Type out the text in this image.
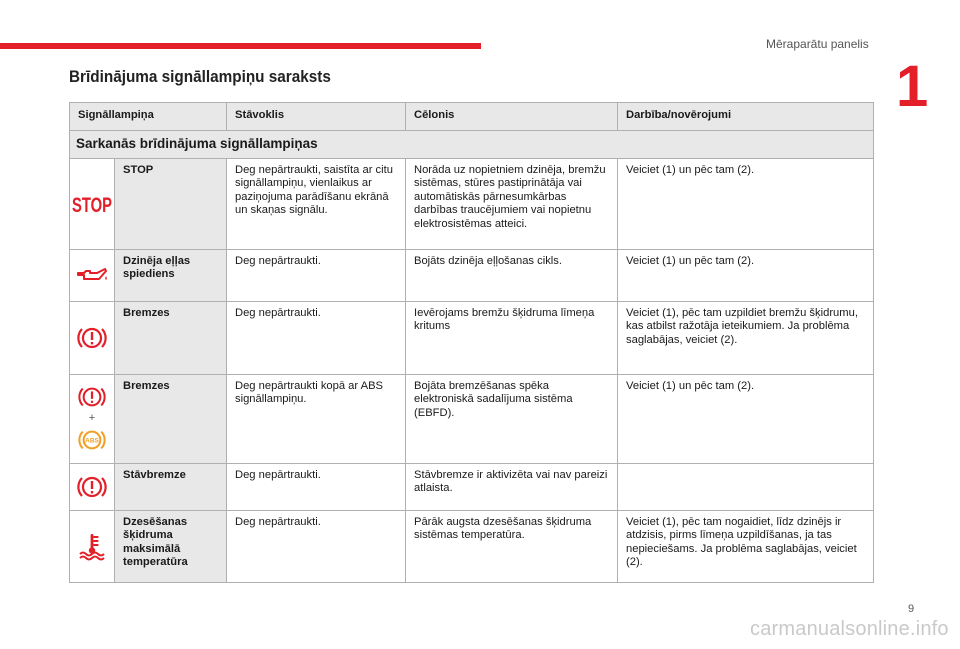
Mēraparātu panelis
1
Brīdinājuma signāllampiņu saraksts
Signāllampiņa		Stāvoklis	Cēlonis	Darbība/novērojumi
Sarkanās brīdinājuma signāllampiņas				

STOP	STOP	Deg nepārtraukti, saistīta ar citu signāllampiņu, vienlaikus ar paziņojuma parādīšanu ekrānā un skaņas signālu.	Norāda uz nopietniem dzinēja, bremžu sistēmas, stūres pastiprinātāja vai automātiskās pārnesumkārbas darbības traucējumiem vai nopietnu elektrosistēmas atteici.	Veiciet (1) un pēc tam (2).

	Dzinēja eļļas spiediens	Deg nepārtraukti.	Bojāts dzinēja eļļošanas cikls.	Veiciet (1) un pēc tam (2).

	Bremzes	Deg nepārtraukti.	Ievērojams bremžu šķidruma līmeņa kritums	Veiciet (1), pēc tam uzpildiet bremžu šķidrumu, kas atbilst ražotāja ieteikumiem. Ja problēma saglabājas, veiciet (2).

+
ABS	Bremzes	Deg nepārtraukti kopā ar ABS signāllampiņu.	Bojāta bremzēšanas spēka elektroniskā sadalījuma sistēma (EBFD).	Veiciet (1) un pēc tam (2).

	Stāvbremze	Deg nepārtraukti.	Stāvbremze ir aktivizēta vai nav pareizi atlaista.	

	Dzesēšanas šķidruma maksimālā temperatūra	Deg nepārtraukti.	Pārāk augsta dzesēšanas šķidruma sistēmas temperatūra.	Veiciet (1), pēc tam nogaidiet, līdz dzinējs ir atdzisis, pirms līmeņa uzpildīšanas, ja tas nepieciešams. Ja problēma saglabājas, veiciet (2).
9
carmanualsonline.info
